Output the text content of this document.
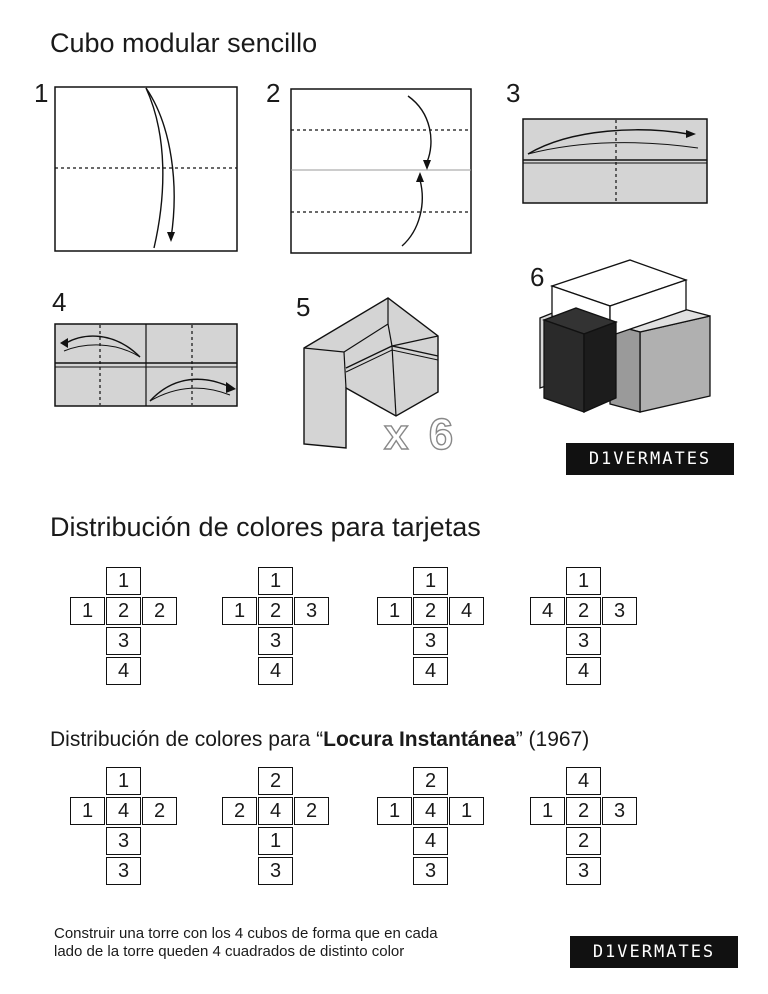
Cubo modular sencillo
1	2	3
4	5
6
x 6	D1VERMATES
Distribución de colores para tarjetas
1
1	2	2
3
4
1
1	2	3
3
4
1
1	2	4
3
4
1
4	2	3
3
4
Distribución de colores para “Locura Instantánea” (1967)
1
1	4	2
3
3
2
2	4	2
1
3
2
1	4	1
4
3
4
1	2	3
2
3
Construir una torre con los 4 cubos de forma que en cada
lado de la torre queden 4 cuadrados de distinto color	D1VERMATES
